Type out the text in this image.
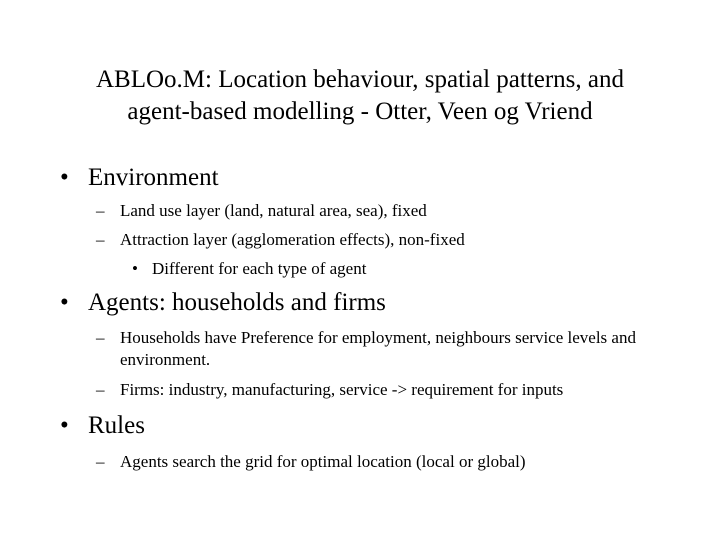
ABLOo.M: Location behaviour, spatial patterns, and
agent-based modelling - Otter, Veen og Vriend
• Environment
– Land use layer (land, natural area, sea), fixed
– Attraction layer (agglomeration effects), non-fixed
• Different for each type of agent
• Agents: households and firms
– Households have Preference for employment, neighbours service levels and environment.
– Firms: industry, manufacturing, service -> requirement for inputs
• Rules
– Agents search the grid for optimal location (local or global)
